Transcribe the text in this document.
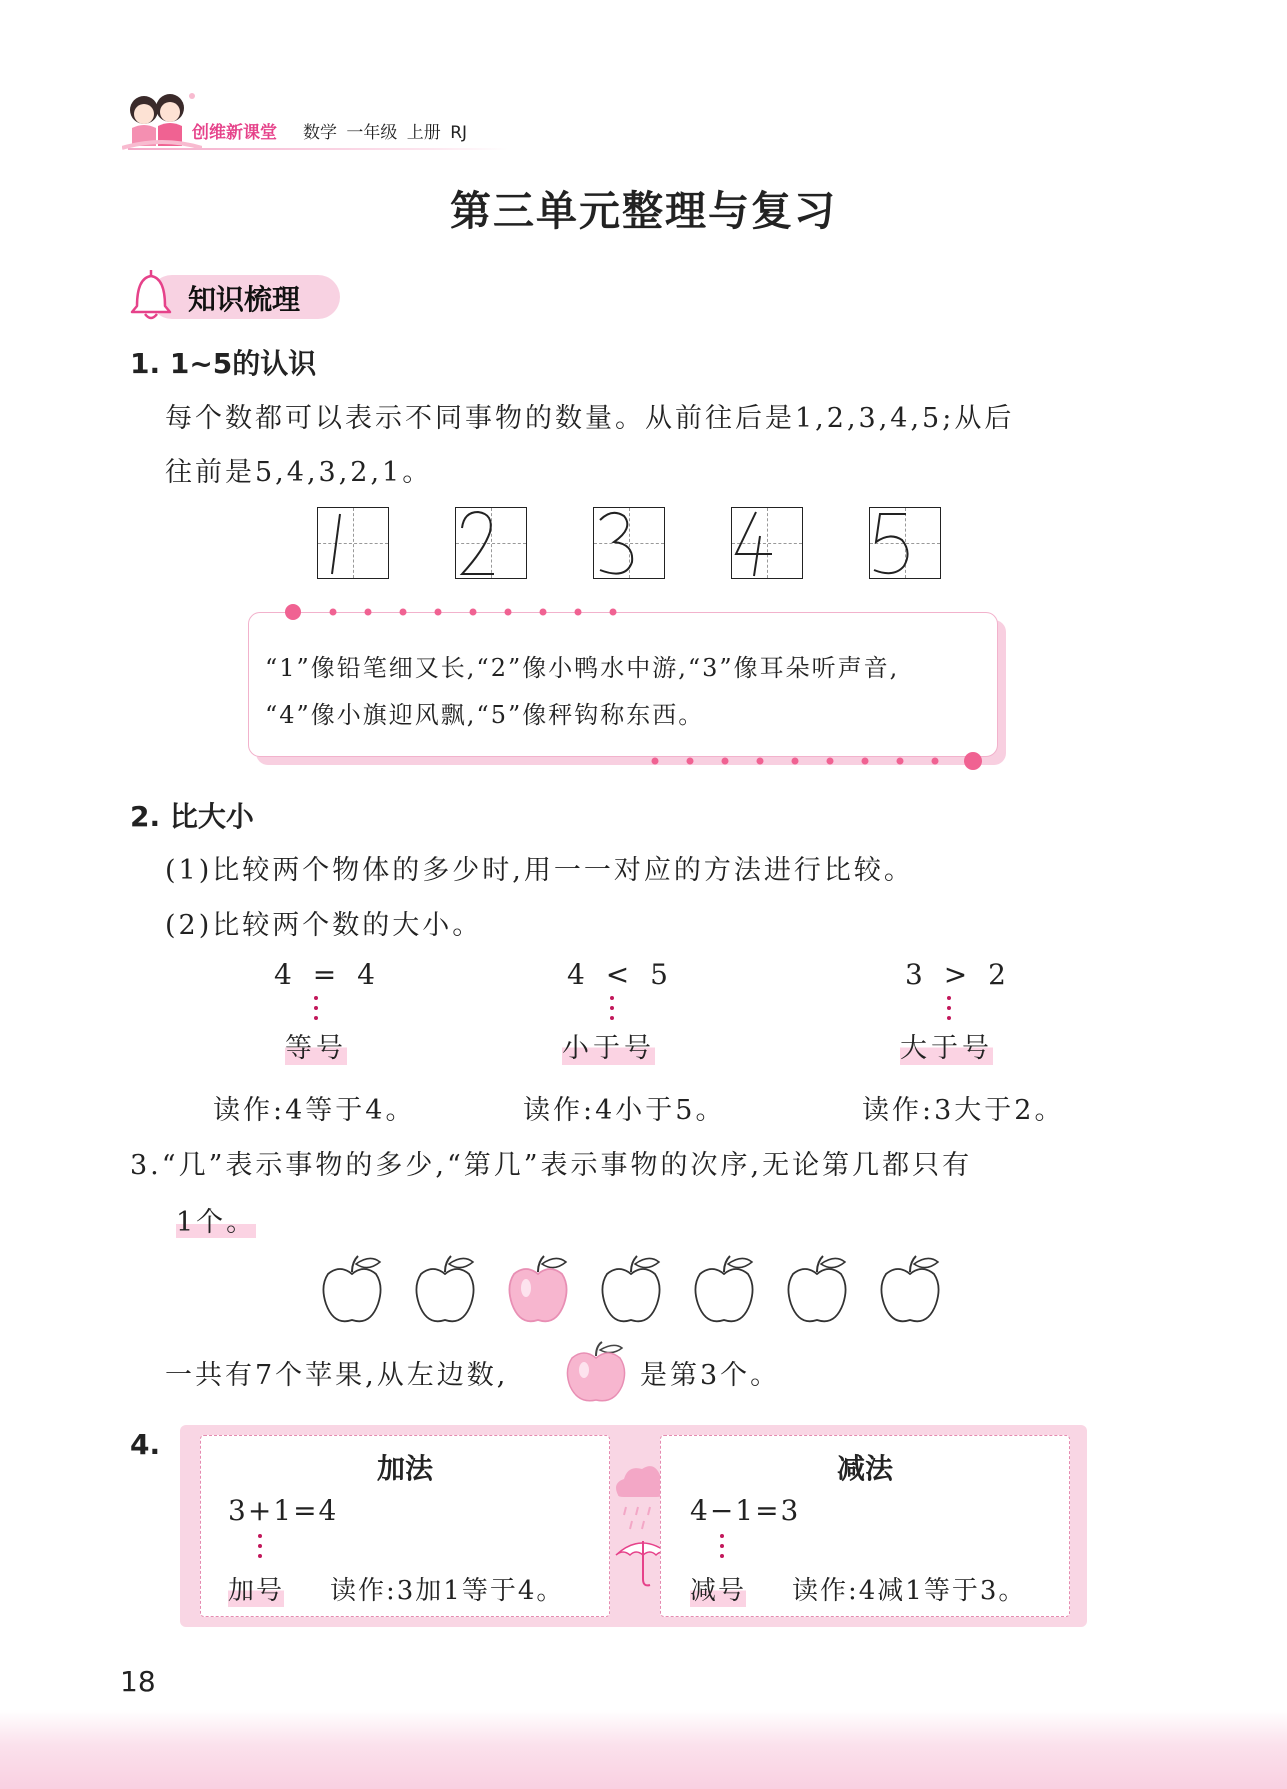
创维新课堂 数学 一年级 上册 RJ
第三单元整理与复习
知识梳理
1. 1~5的认识
每个数都可以表示不同事物的数量。从前往后是1,2,3,4,5;从后
往前是5,4,3,2,1。
“1”像铅笔细又长,“2”像小鸭水中游,“3”像耳朵听声音,
“4”像小旗迎风飘,“5”像秤钩称东西。
2. 比大小
(1)比较两个物体的多少时,用一一对应的方法进行比较。
(2)比较两个数的大小。
4 = 4
等号
读作:4等于4。
4 < 5
小于号
读作:4小于5。
3 > 2
大于号
读作:3大于2。
3.“几”表示事物的多少,“第几”表示事物的次序,无论第几都只有
1个。
一共有7个苹果,从左边数,	是第3个。
4.
加法
3+1=4
加号 读作:3加1等于4。
减法
4−1=3
减号 读作:4减1等于3。
18
